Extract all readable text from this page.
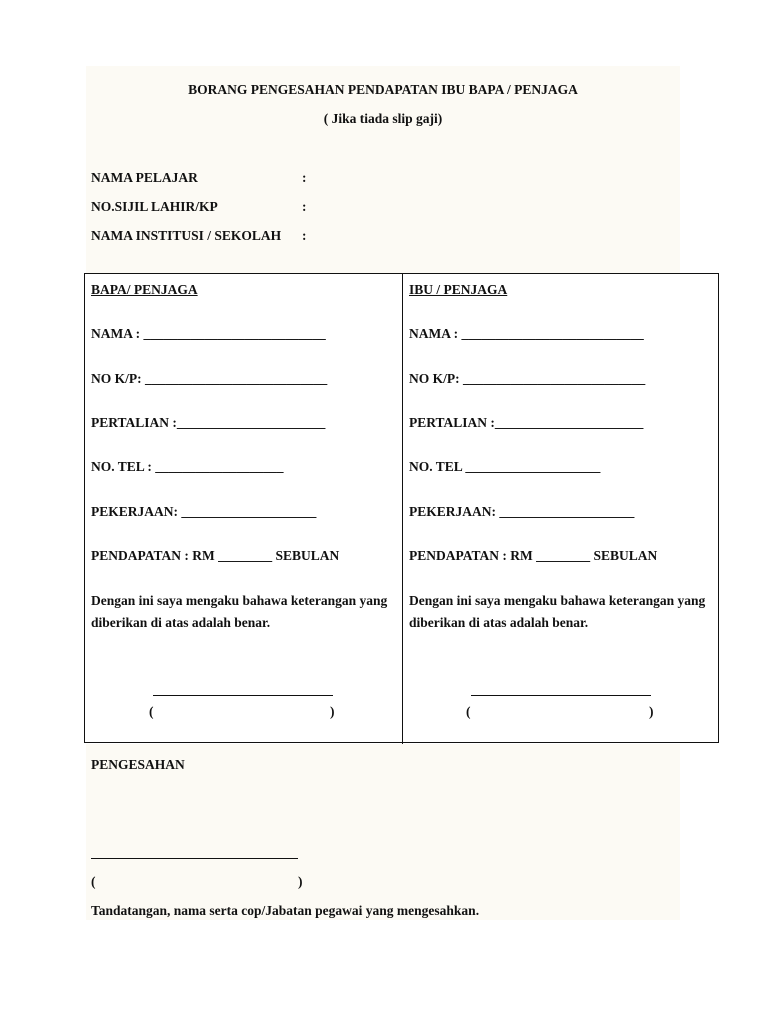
BORANG PENGESAHAN PENDAPATAN IBU BAPA / PENJAGA
( Jika tiada slip gaji)
NAMA PELAJAR	:
NO.SIJIL LAHIR/KP	:
NAMA INSTITUSI / SEKOLAH :
BAPA/ PENJAGA
NAMA : ___________________________
NO K/P: ___________________________
PERTALIAN :______________________
NO. TEL : ___________________
PEKERJAAN: ____________________
PENDAPATAN : RM ________ SEBULAN
Dengan ini saya mengaku bahawa keterangan yang
diberikan di atas adalah benar.
(	)
IBU / PENJAGA
NAMA : ___________________________
NO K/P: ___________________________
PERTALIAN :______________________
NO. TEL ____________________
PEKERJAAN: ____________________
PENDAPATAN : RM ________ SEBULAN
Dengan ini saya mengaku bahawa keterangan yang
diberikan di atas adalah benar.
(	)
PENGESAHAN
(	)
Tandatangan, nama serta cop/Jabatan pegawai yang mengesahkan.
